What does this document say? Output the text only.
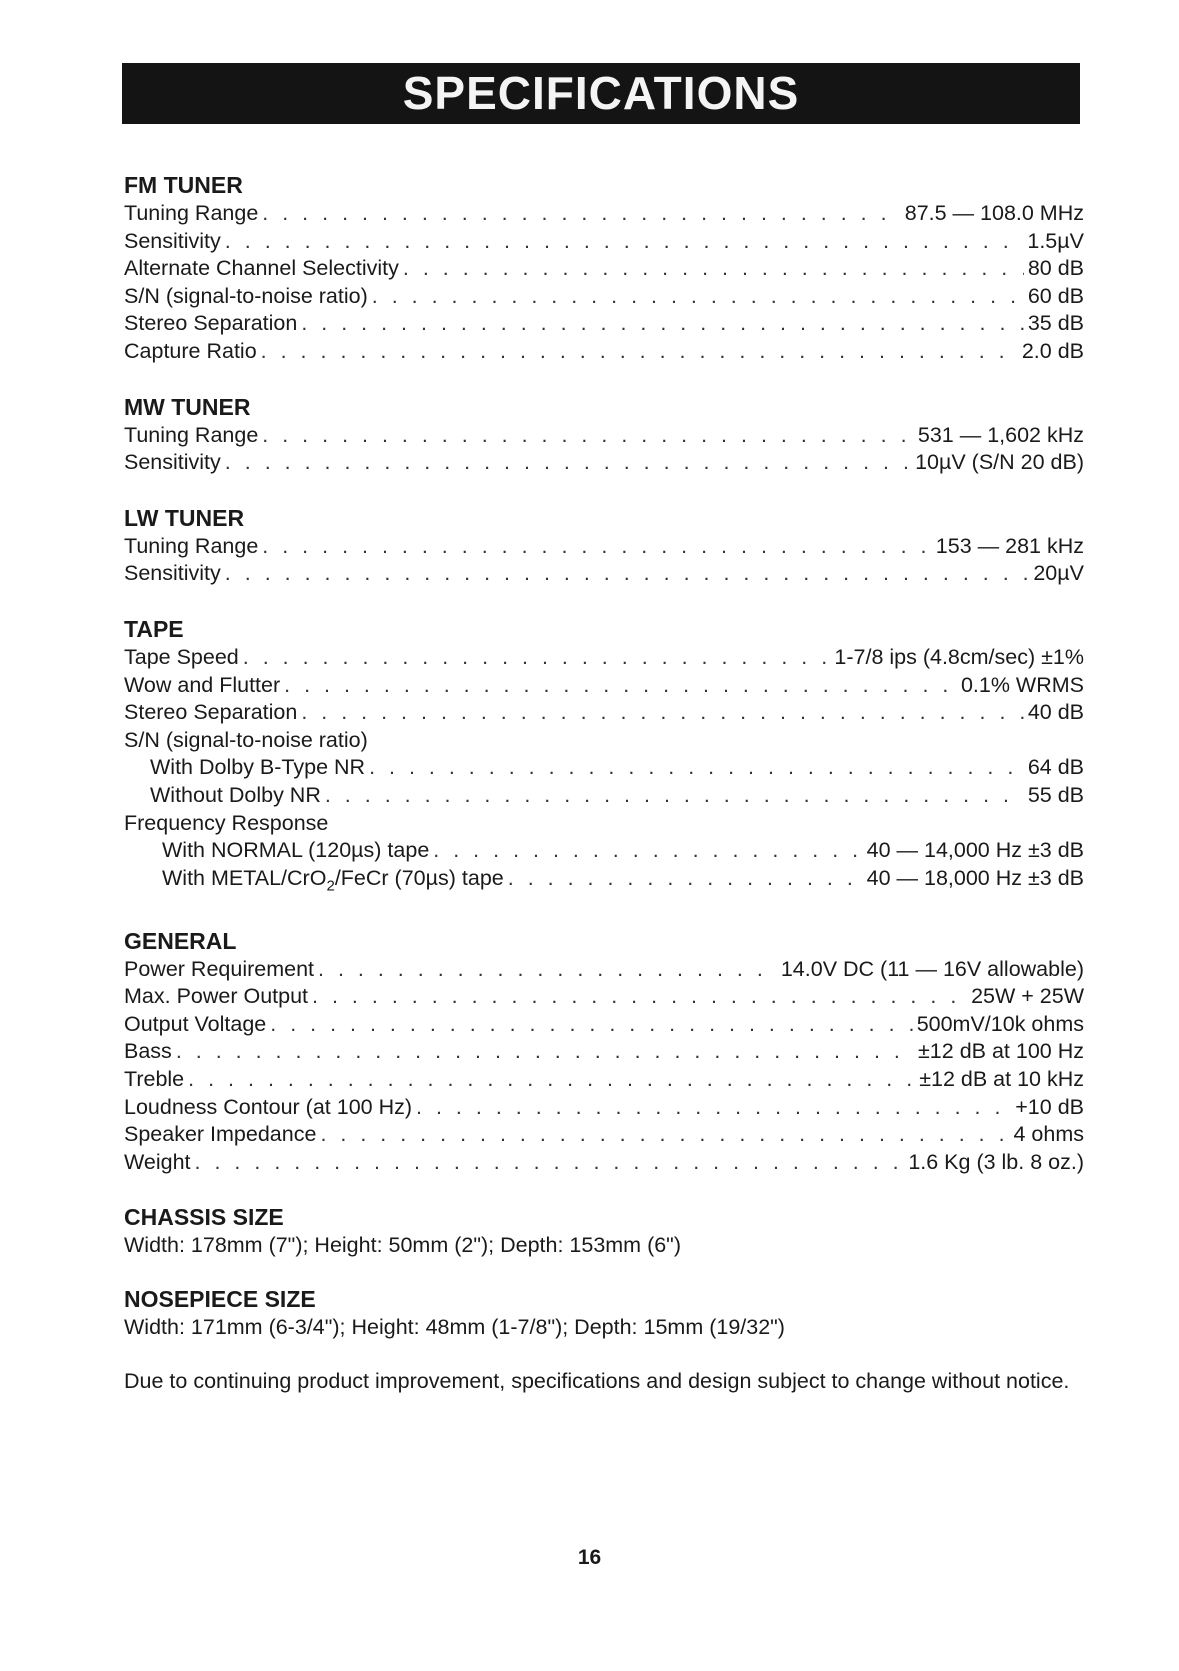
SPECIFICATIONS
FM TUNER
Tuning Range . . .	87.5 — 108.0 MHz
Sensitivity . . .	1.5µV
Alternate Channel Selectivity . . .	80 dB
S/N (signal-to-noise ratio) . . .	60 dB
Stereo Separation . . .	35 dB
Capture Ratio . . .	2.0 dB
MW TUNER
Tuning Range . . .	531 — 1,602 kHz
Sensitivity . . .	10µV (S/N 20 dB)
LW TUNER
Tuning Range . . .	153 — 281 kHz
Sensitivity . . .	20µV
TAPE
Tape Speed . . .	1-7/8 ips (4.8cm/sec) ±1%
Wow and Flutter . . .	0.1% WRMS
Stereo Separation . . .	40 dB
S/N (signal-to-noise ratio)
With Dolby B-Type NR . . .	64 dB
Without Dolby NR . . .	55 dB
Frequency Response
With NORMAL (120µs) tape . . .	40 — 14,000 Hz ±3 dB
With METAL/CrO$_2$/FeCr (70µs) tape . . .	40 — 18,000 Hz ±3 dB
GENERAL
Power Requirement . . .	14.0V DC (11 — 16V allowable)
Max. Power Output . . .	25W + 25W
Output Voltage . . .	500mV/10k ohms
Bass . . .	±12 dB at 100 Hz
Treble . . .	±12 dB at 10 kHz
Loudness Contour (at 100 Hz) . . .	+10 dB
Speaker Impedance . . .	4 ohms
Weight . . .	1.6 Kg (3 lb. 8 oz.)
CHASSIS SIZE
Width: 178mm (7"); Height: 50mm (2"); Depth: 153mm (6")
NOSEPIECE SIZE
Width: 171mm (6-3/4"); Height: 48mm (1-7/8"); Depth: 15mm (19/32")
Due to continuing product improvement, specifications and design subject to change without notice.
16
